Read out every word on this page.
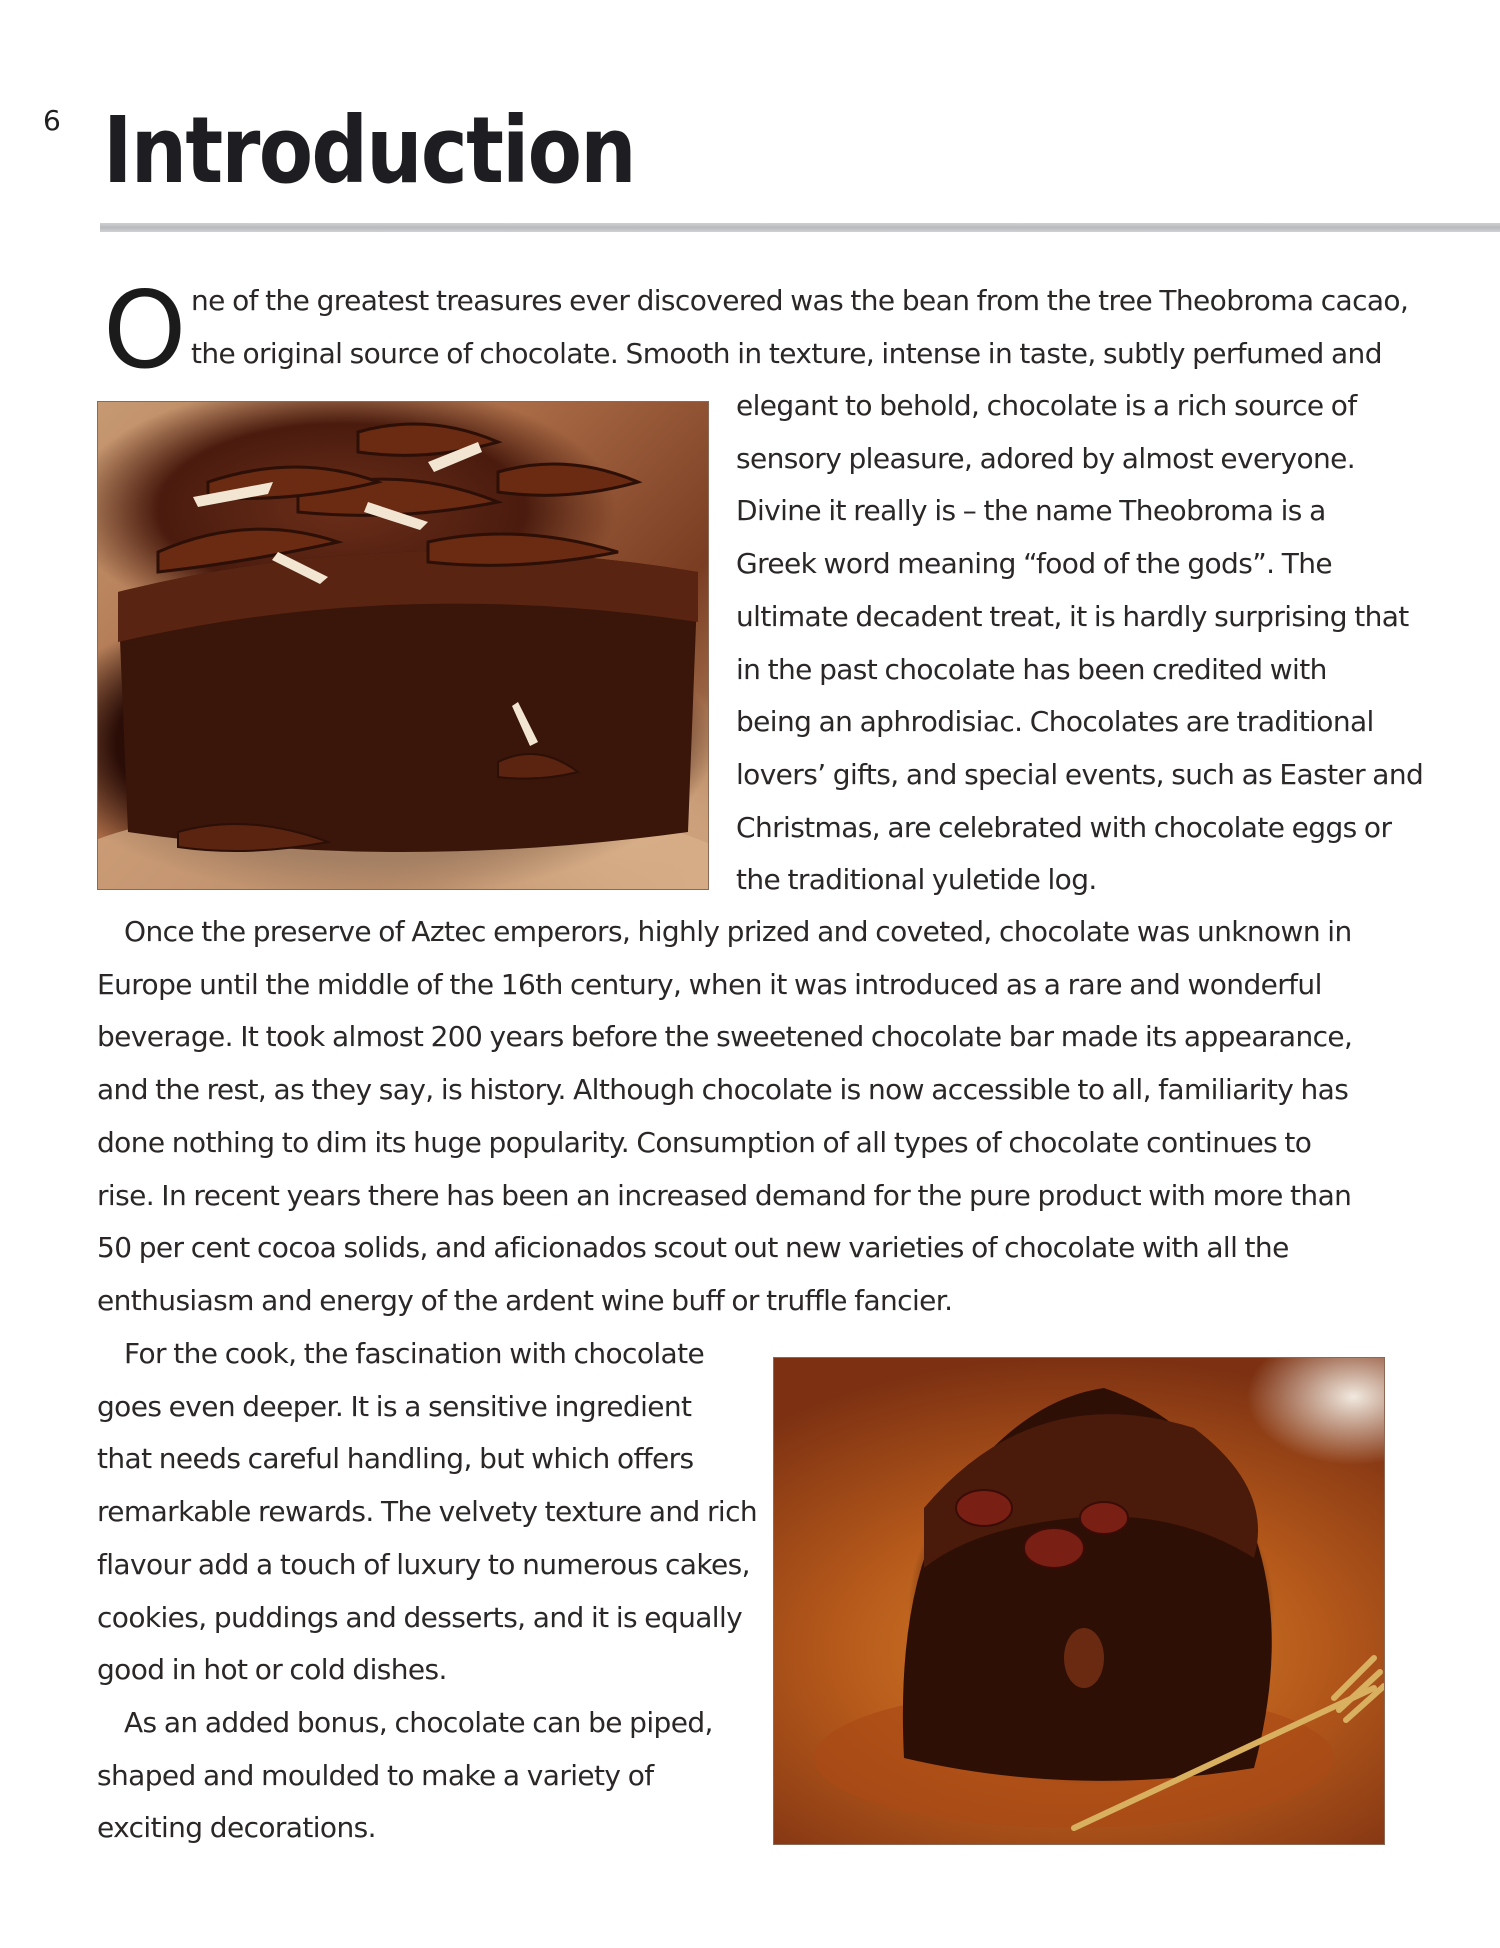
6 Introduction
O ne of the greatest treasures ever discovered was the bean from the tree Theobroma cacao,
the original source of chocolate. Smooth in texture, intense in taste, subtly perfumed and
elegant to behold, chocolate is a rich source of
sensory pleasure, adored by almost everyone.
Divine it really is – the name Theobroma is a
Greek word meaning “food of the gods”. The
ultimate decadent treat, it is hardly surprising that
in the past chocolate has been credited with
being an aphrodisiac. Chocolates are traditional
lovers’ gifts, and special events, such as Easter and
Christmas, are celebrated with chocolate eggs or
the traditional yuletide log.
Once the preserve of Aztec emperors, highly prized and coveted, chocolate was unknown in
Europe until the middle of the 16th century, when it was introduced as a rare and wonderful
beverage. It took almost 200 years before the sweetened chocolate bar made its appearance,
and the rest, as they say, is history. Although chocolate is now accessible to all, familiarity has
done nothing to dim its huge popularity. Consumption of all types of chocolate continues to
rise. In recent years there has been an increased demand for the pure product with more than
50 per cent cocoa solids, and aficionados scout out new varieties of chocolate with all the
enthusiasm and energy of the ardent wine buff or truffle fancier.
For the cook, the fascination with chocolate
goes even deeper. It is a sensitive ingredient
that needs careful handling, but which offers
remarkable rewards. The velvety texture and rich
flavour add a touch of luxury to numerous cakes,
cookies, puddings and desserts, and it is equally
good in hot or cold dishes.
As an added bonus, chocolate can be piped,
shaped and moulded to make a variety of
exciting decorations.
